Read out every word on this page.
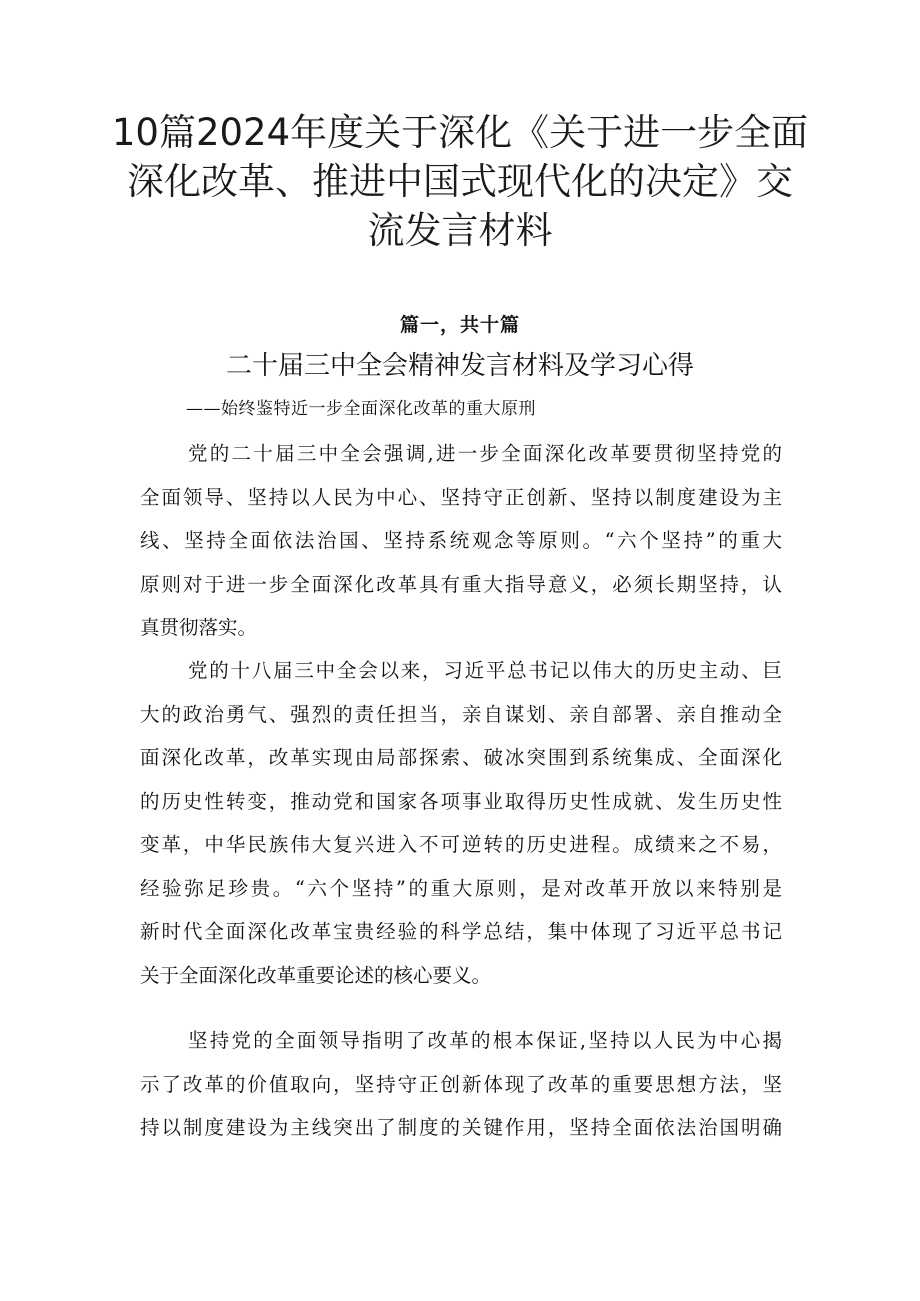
10篇2024年度关于深化《关于进一步全面
深化改革、推进中国式现代化的决定》交
流发言材料
篇一，共十篇
二十届三中全会精神发言材料及学习心得
——始终鉴特近一步全面深化改革的重大原刑
党的二十届三中全会强调,进一步全面深化改革要贯彻坚持党的
全面领导、坚持以人民为中心、坚持守正创新、坚持以制度建设为主
线、坚持全面依法治国、坚持系统观念等原则。“六个坚持”的重大
原则对于进一步全面深化改革具有重大指导意义，必须长期坚持，认
真贯彻落实。
党的十八届三中全会以来，习近平总书记以伟大的历史主动、巨
大的政治勇气、强烈的责任担当，亲自谋划、亲自部署、亲自推动全
面深化改革，改革实现由局部探索、破冰突围到系统集成、全面深化
的历史性转变，推动党和国家各项事业取得历史性成就、发生历史性
变革，中华民族伟大复兴进入不可逆转的历史进程。成绩来之不易，
经验弥足珍贵。“六个坚持”的重大原则，是对改革开放以来特别是
新时代全面深化改革宝贵经验的科学总结，集中体现了习近平总书记
关于全面深化改革重要论述的核心要义。
坚持党的全面领导指明了改革的根本保证,坚持以人民为中心揭
示了改革的价值取向，坚持守正创新体现了改革的重要思想方法，坚
持以制度建设为主线突出了制度的关键作用，坚持全面依法治国明确
